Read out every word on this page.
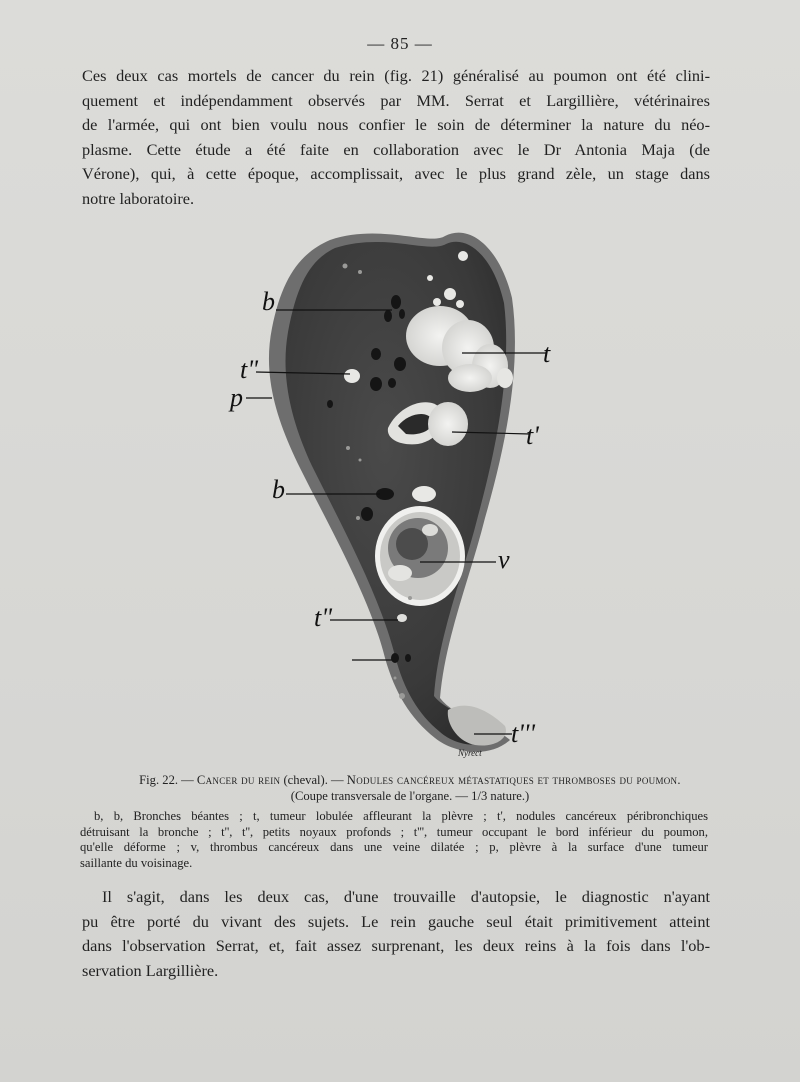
— 85 —
Ces deux cas mortels de cancer du rein (fig. 21) généralisé au poumon ont été clini-
quement et indépendamment observés par MM. Serrat et Largillière, vétérinaires
de l'armée, qui ont bien voulu nous confier le soin de déterminer la nature du néo-
plasme. Cette étude a été faite en collaboration avec le Dr Antonia Maja (de
Vérone), qui, à cette époque, accomplissait, avec le plus grand zèle, un stage dans
notre laboratoire.
b
t
t"
p
t'
b
v
t"
t'''
Nyrect
Fig. 22. — Cancer du rein (cheval). — Nodules cancéreux métastatiques et thromboses du poumon.
(Coupe transversale de l'organe. — 1/3 nature.)
b, b, Bronches béantes ; t, tumeur lobulée affleurant la plèvre ; t', nodules cancéreux péribronchiques
détruisant la bronche ; t'', t'', petits noyaux profonds ; t''', tumeur occupant le bord inférieur du poumon,
qu'elle déforme ; v, thrombus cancéreux dans une veine dilatée ; p, plèvre à la surface d'une tumeur
saillante du voisinage.
Il s'agit, dans les deux cas, d'une trouvaille d'autopsie, le diagnostic n'ayant
pu être porté du vivant des sujets. Le rein gauche seul était primitivement atteint
dans l'observation Serrat, et, fait assez surprenant, les deux reins à la fois dans l'ob-
servation Largillière.
